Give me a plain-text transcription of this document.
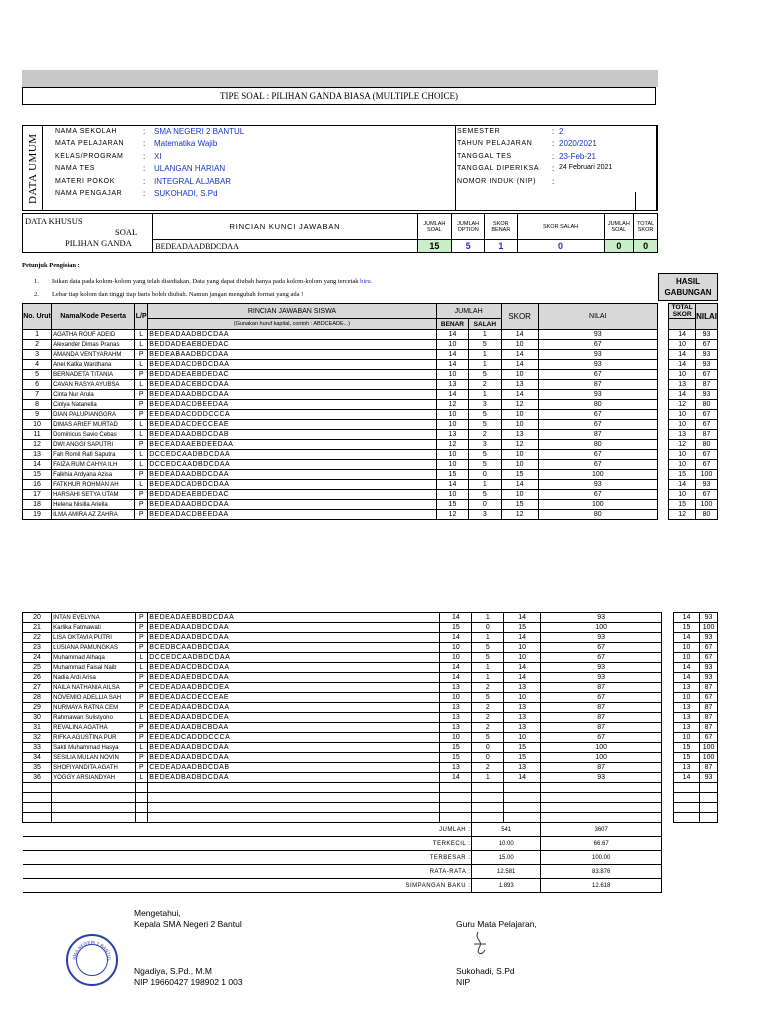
TIPE SOAL : PILIHAN GANDA BIASA (MULTIPLE CHOICE)
DATA UMUM
NAMA SEKOLAH	: SMA NEGERI 2 BANTUL
MATA PELAJARAN : Matematika Wajib
KELAS/PROGRAM : XI
NAMA TES	: ULANGAN HARIAN
MATERI POKOK	: INTEGRAL ALJABAR
NAMA PENGAJAR	: SUKOHADI, S.Pd
SEMESTER	: 2
TAHUN PELAJARAN : 2020/2021
TANGGAL TES	: 23-Feb-21
TANGGAL DIPERIKSA : 24 Februari 2021
NOMOR INDUK (NIP) :
DATA KHUSUS
SOAL
PILIHAN GANDA	RINCIAN KUNCI JAWABAN	JUMLAH SOAL	JUMLAH OPTION	SKOR BENAR	SKOR SALAH	JUMLAH SOAL	TOTAL SKOR
	BEDEADAADBDCDAA	15	5	1	0	0	0
Petunjuk Pengisian :
1. Isikan data pada kolom-kolom yang telah disediakan. Data yang dapat diubah hanya pada kolom-kolom yang tercetak biru.
2. Lebar tiap kolom dan tinggi tiap baris boleh diubah. Namun jangan mengubah format yang ada !
No. Urut	Nama/Kode Peserta	L/P	RINCIAN JAWABAN SISWA	JUMLAH		SKOR	NILAI		TOTAL SKOR	NILAI
			(Gunakan huruf kapital, contoh : ABDCEADE...)	BENAR	SALAH					
1	AGATHA ROUF ADEID	L	BEDEADAADBDCDAA	14	1	14	93		14	93
2	Alexander Dimas Pranas	L	BEDDADEAEBDEDAC	10	5	10	67		10	67
3	AMANDA VENTYARAHM	P	BEDEABAADBDCDAA	14	1	14	93		14	93
4	Anel Katka Wardhana	L	BEDEADACDBDCDAA	14	1	14	93		14	93
5	BERNADETA TITANIA	P	BEDDADEAEBDEDAC	10	5	10	67		10	67
6	CAVAN RASYA AYUBSA	L	BEDEADACEBDCDAA	13	2	13	87		13	87
7	Cinta Nur Arula	P	BEDEADAADBDCDAA	14	1	14	93		14	93
8	Cinlya Natanella	P	BEDEADACDBEEDAA	12	3	12	80		12	80
9	DIAN PALUPIANGGRA	P	EEDEADACDDDCCCA	10	5	10	67		10	67
10	DIMAS ARIEF MURTAD	L	BEDEADACDECCEAE	10	5	10	67		10	67
11	Dominicus Savio Cebas	L	BEDEADAADBDCDAB	13	2	13	87		13	87
12	DWI ANGGI SAPUTRI	P	BECEADAAEBDEEDAA	12	3	12	80		12	80
13	Fah Romil Rafi Saputra	L	DCCEDCAADBDCDAA	10	5	10	67		10	67
14	FAIZA RUM CAHYA ILH	L	DCCEDCAADBDCDAA	10	5	10	67		10	67
15	Falkhia Ardyana Azisa	P	BEDEADAADBDCDAA	15	0	15	100		15	100
16	FATKHUR ROHMAN AH	L	BEDEADCADBDCDAA	14	1	14	93		14	93
17	HARSAHI SETYA UTAM	P	BEDDADEAEBDEDAC	10	5	10	67		10	67
18	Helena Nisilla Ariella	P	BEDEADAADBDCDAA	15	0	15	100		15	100
19	ILMA AMIRA AZ ZAHRA	P	BEDEADACDBEEDAA	12	3	12	80		12	80
HASIL GABUNGAN
20	INTAN EVELYNA	P	BEDEADAEBDBDCDAA	14	1	14	93		14	93
21	Karlika Fatmawati	P	BEDEADAADBDCDAA	15	0	15	100		15	100
22	LISA OKTAVIA PUTRI	P	BEDEADAADBDCDAA	14	1	14	93		14	93
23	LUSIANA PAMUNGKAS	P	BCEDBCAADBDCDAA	10	5	10	67		10	67
24	Muhammad Alhaqa	L	DCCEDCAADBDCDAA	10	5	10	67		10	67
25	Muhammad Faisal Naib	L	BEDEADACDBDCDAA	14	1	14	93		14	93
26	Nadia Ardi Arisa	P	BEDEADAEDBDCDAA	14	1	14	93		14	93
27	NAILA NATHANIA AILSA	P	CEDEADAADBDCDEA	13	2	13	87		13	87
28	NOVEMIO ADELLIA SAH	P	BEDEADACDECCEAE	10	5	10	67		10	67
29	NURMAYA RATNA CEM	P	CEDEADAADBDCDAA	13	2	13	87		13	87
30	Rahmawan Sulistyono	L	BEDEADAADBDCDEA	13	2	13	87		13	87
31	REVALINA AGATHA	P	BEDEADAADBCBDAA	13	2	13	87		13	87
32	RIFKA AGUSTINA PUR	P	EEDEADCADDDCCCA	10	5	10	67		10	67
33	Sakti Muhammad Hasya	L	BEDEADAADBDCDAA	15	0	15	100		15	100
34	SESILIA MULAN NOVIN	P	BEDEADAADBDCDAA	15	0	15	100		15	100
35	SHOFIYANDITA AGATH	P	CEDEADAADBDCDAB	13	2	13	87		13	87
36	YOGGY ARSIANDYAH	L	BEDEADBADBDCDAA	14	1	14	93		14	93

JUMLAH :					541		3607			
TERKECIL :					10.00		66.67			
TERBESAR :					15.00		100.00			
RATA-RATA :					12.581		83.876			
SIMPANGAN BAKU :					1.893		12.618			
SMA NEGERI 2 BANTUL
Mengetahui,
Kepala SMA Negeri 2 Bantul
Ngadiya, S.Pd., M.M
NIP 19660427 198902 1 003
Guru Mata Pelajaran,
Sukohadi, S.Pd
NIP
